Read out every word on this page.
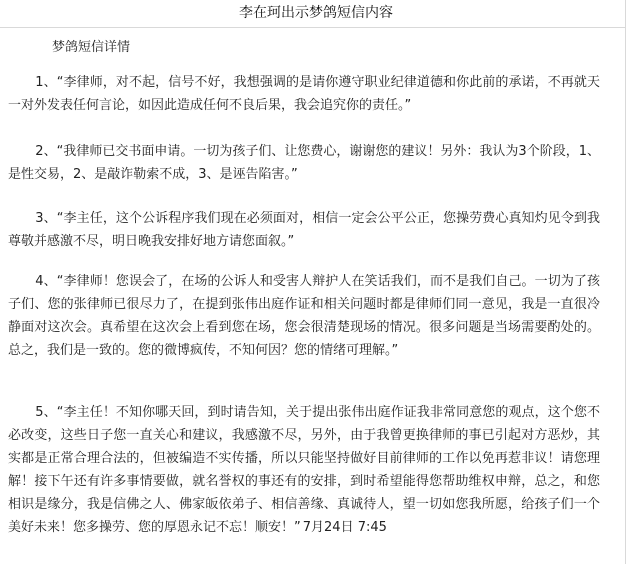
李在珂出示梦鸽短信内容
梦鸽短信详情
1、“李律师，对不起，信号不好，我想强调的是请你遵守职业纪律道德和你此前的承诺，不再就天一对外发表任何言论，如因此造成任何不良后果，我会追究你的责任。”
2、“我律师已交书面申请。一切为孩子们、让您费心，谢谢您的建议！另外：我认为3个阶段，1、是性交易，2、是敲诈勒索不成，3、是诬告陷害。”
3、“李主任，这个公诉程序我们现在必须面对，相信一定会公平公正，您操劳费心真知灼见令到我尊敬并感激不尽，明日晚我安排好地方请您面叙。”
4、“李律师！您误会了，在场的公诉人和受害人辩护人在笑话我们，而不是我们自己。一切为了孩子们、您的张律师已很尽力了，在提到张伟出庭作证和相关问题时都是律师们同一意见，我是一直很冷静面对这次会。真希望在这次会上看到您在场，您会很清楚现场的情况。很多问题是当场需要酌处的。总之，我们是一致的。您的微博疯传，不知何因？您的情绪可理解。”
5、“李主任！不知你哪天回，到时请告知，关于提出张伟出庭作证我非常同意您的观点，这个您不必改变，这些日子您一直关心和建议，我感激不尽，另外，由于我曾更换律师的事已引起对方恶炒，其实都是正常合理合法的，但被编造不实传播，所以只能坚持做好目前律师的工作以免再惹非议！请您理解！接下午还有许多事情要做，就名誉权的事还有的安排，到时希望能得您帮助维权申辩，总之，和您相识是缘分，我是信佛之人、佛家皈依弟子、相信善缘、真诚待人，望一切如您我所愿，给孩子们一个美好未来！您多操劳、您的厚恩永记不忘！顺安！” 7月24日 7:45
